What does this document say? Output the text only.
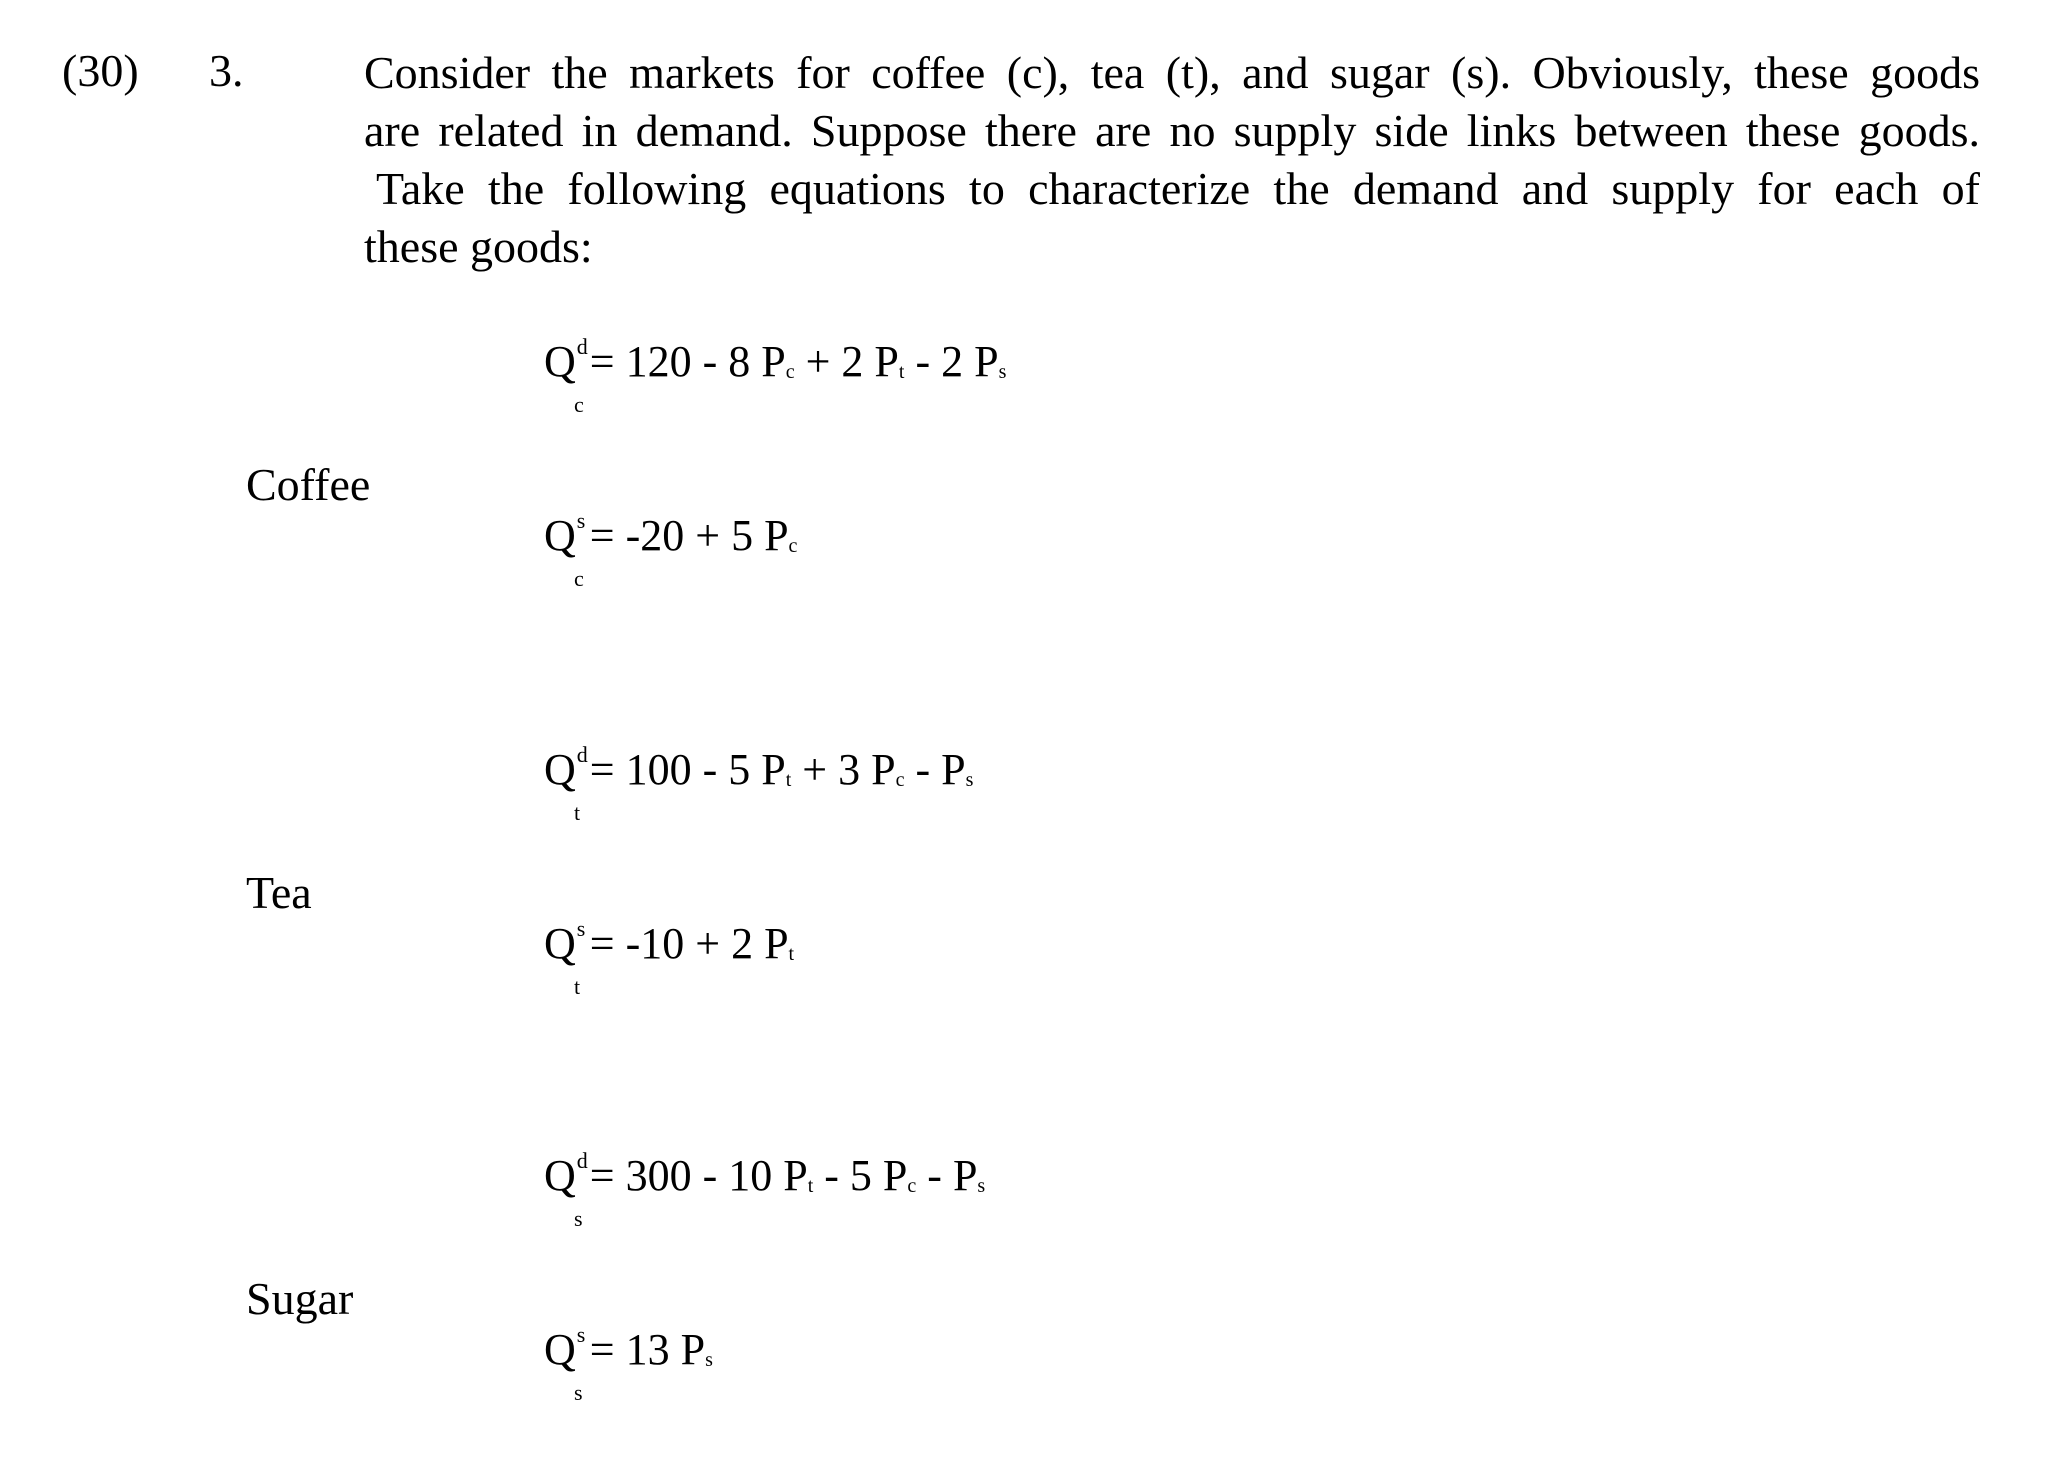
(30) 3.	Consider the markets for coffee (c), tea (t), and sugar (s). Obviously, these goods
are related in demand. Suppose there are no supply side links between these goods.
Take the following equations to characterize the demand and supply for each of
these goods:
Coffee
Q d
c
= 120 - 8 Pc + 2 Pt - 2 Ps
Q s
c
= -20 + 5 Pc
Tea
Q d
t
= 100 - 5 Pt + 3 Pc - Ps
Q s
t
= -10 + 2 Pt
Sugar
Q d
s
= 300 - 10 Pt - 5 Pc - Ps
Q s
s
= 13 Ps
